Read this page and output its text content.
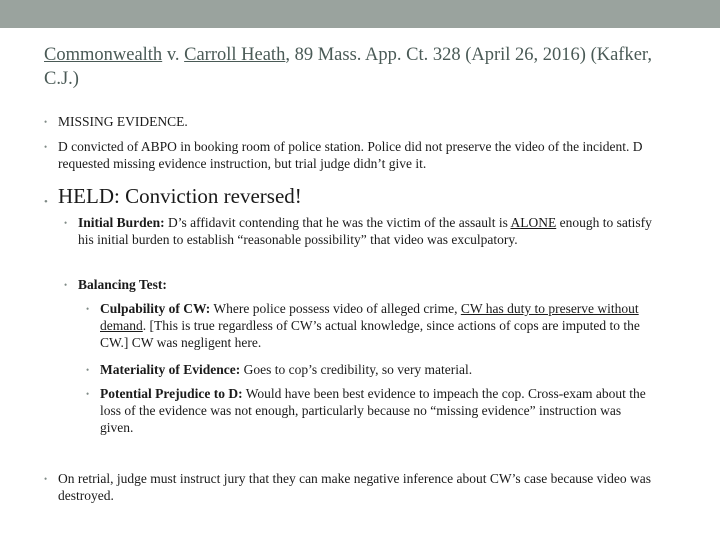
Commonwealth v. Carroll Heath, 89 Mass. App. Ct. 328 (April 26, 2016) (Kafker, C.J.)
• MISSING EVIDENCE.
• D convicted of ABPO in booking room of police station. Police did not preserve the video of the incident. D requested missing evidence instruction, but trial judge didn’t give it.
• HELD: Conviction reversed!
• Initial Burden: D’s affidavit contending that he was the victim of the assault is ALONE enough to satisfy his initial burden to establish “reasonable possibility” that video was exculpatory.
• Balancing Test:
• Culpability of CW: Where police possess video of alleged crime, CW has duty to preserve without demand. [This is true regardless of CW’s actual knowledge, since actions of cops are imputed to the CW.] CW was negligent here.
• Materiality of Evidence: Goes to cop’s credibility, so very material.
• Potential Prejudice to D: Would have been best evidence to impeach the cop. Cross-exam about the loss of the evidence was not enough, particularly because no “missing evidence” instruction was given.
• On retrial, judge must instruct jury that they can make negative inference about CW’s case because video was destroyed.
